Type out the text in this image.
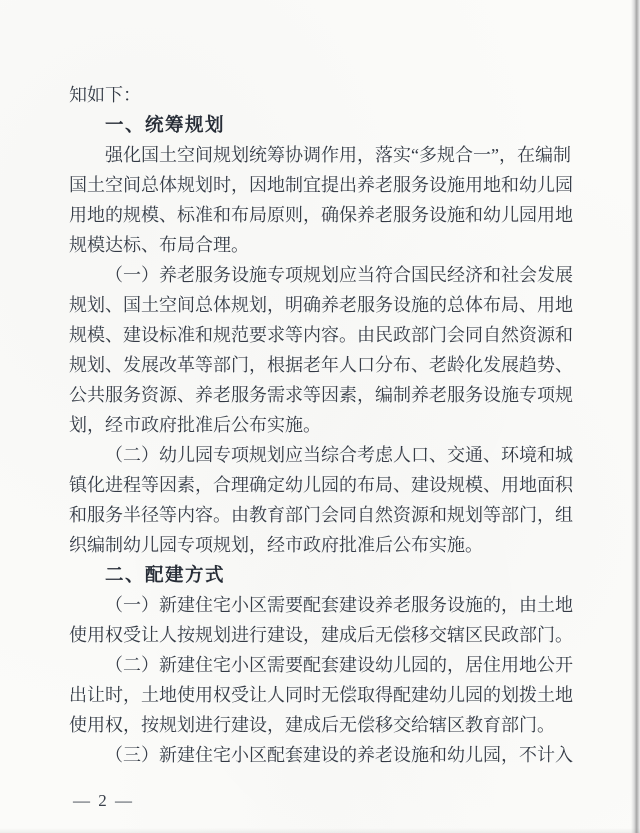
知如下：
一、统筹规划
强化国土空间规划统筹协调作用，落实“多规合一”，在编制
国土空间总体规划时，因地制宜提出养老服务设施用地和幼儿园
用地的规模、标准和布局原则，确保养老服务设施和幼儿园用地
规模达标、布局合理。
（一）养老服务设施专项规划应当符合国民经济和社会发展
规划、国土空间总体规划，明确养老服务设施的总体布局、用地
规模、建设标准和规范要求等内容。由民政部门会同自然资源和
规划、发展改革等部门，根据老年人口分布、老龄化发展趋势、
公共服务资源、养老服务需求等因素，编制养老服务设施专项规
划，经市政府批准后公布实施。
（二）幼儿园专项规划应当综合考虑人口、交通、环境和城
镇化进程等因素，合理确定幼儿园的布局、建设规模、用地面积
和服务半径等内容。由教育部门会同自然资源和规划等部门，组
织编制幼儿园专项规划，经市政府批准后公布实施。
二、配建方式
（一）新建住宅小区需要配套建设养老服务设施的，由土地
使用权受让人按规划进行建设，建成后无偿移交辖区民政部门。
（二）新建住宅小区需要配套建设幼儿园的，居住用地公开
出让时，土地使用权受让人同时无偿取得配建幼儿园的划拨土地
使用权，按规划进行建设，建成后无偿移交给辖区教育部门。
（三）新建住宅小区配套建设的养老设施和幼儿园，不计入
— 2 —
